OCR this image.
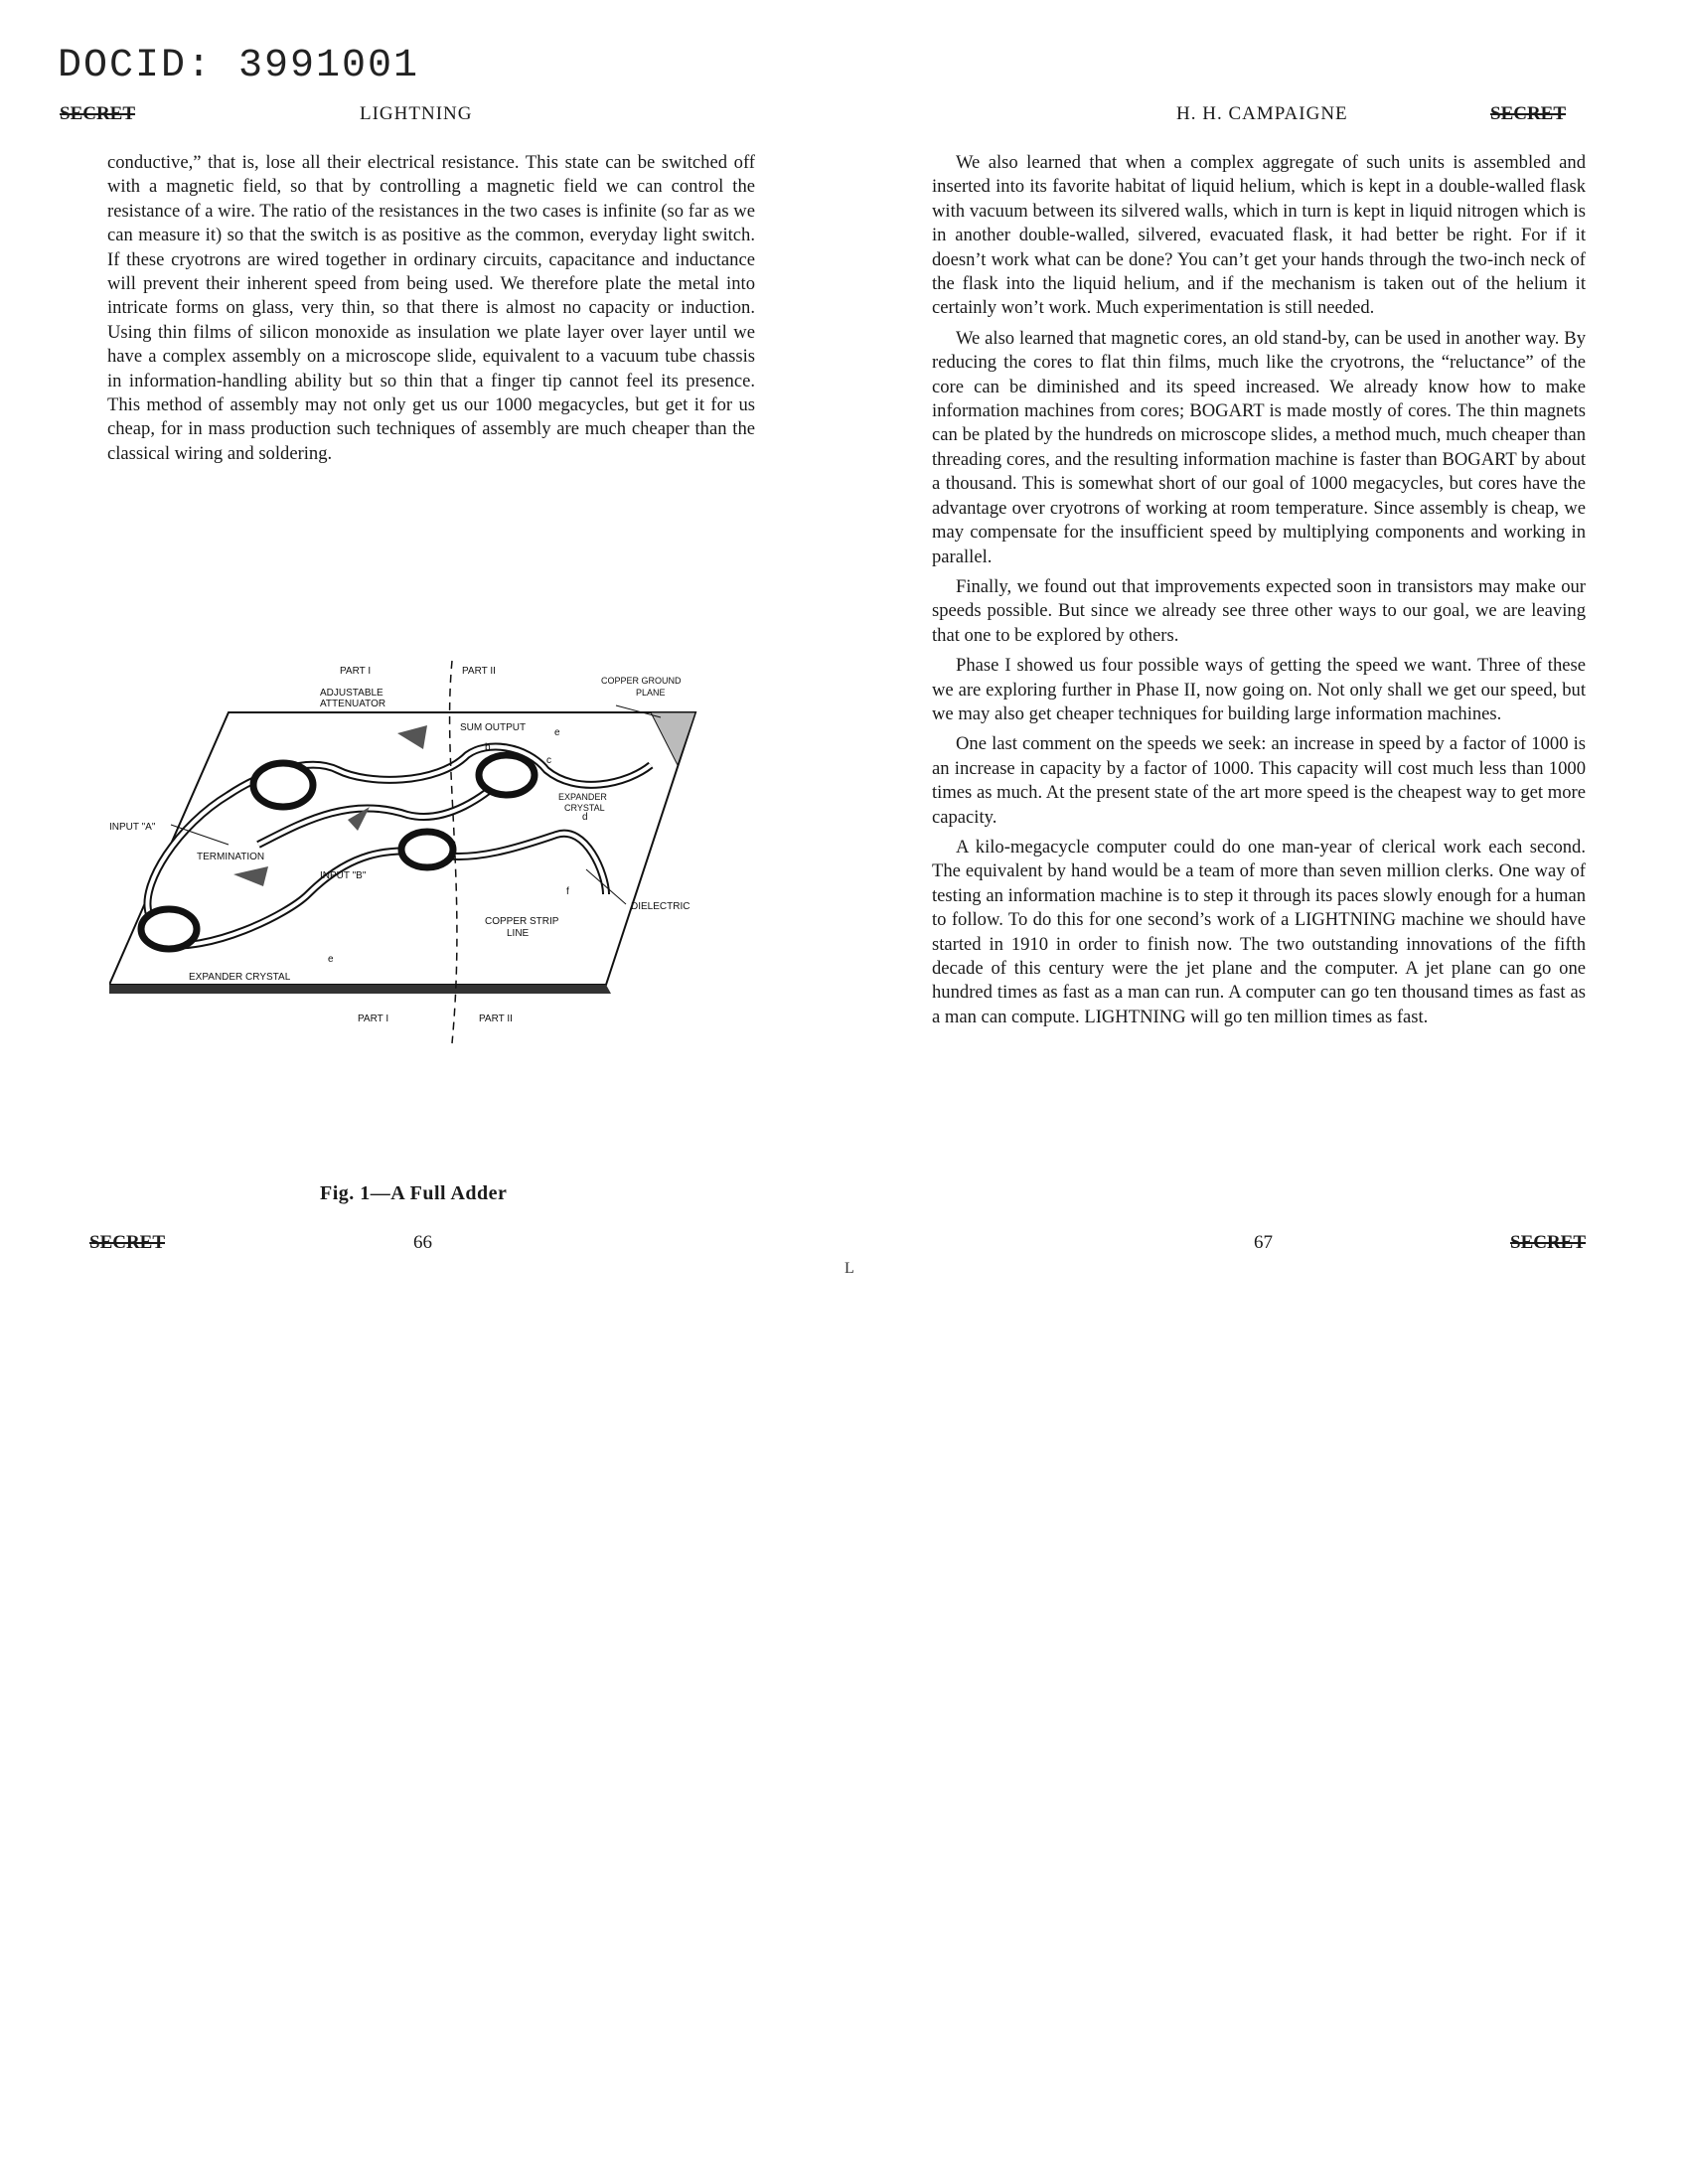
DOCID: 3991001
SECRET	LIGHTNING	H. H. CAMPAIGNE	SECRET

conductive,” that is, lose all their electrical resistance. This state can be switched off with a magnetic field, so that by controlling a magnetic field we can control the resistance of a wire. The ratio of the resistances in the two cases is infinite (so far as we can measure it) so that the switch is as positive as the common, everyday light switch. If these cryotrons are wired together in ordinary circuits, capacitance and inductance will prevent their inherent speed from being used. We therefore plate the metal into intricate forms on glass, very thin, so that there is almost no capacity or induction. Using thin films of silicon monoxide as insulation we plate layer over layer until we have a complex assembly on a microscope slide, equivalent to a vacuum tube chassis in information-handling ability but so thin that a finger tip cannot feel its presence. This method of assembly may not only get us our 1000 megacycles, but get it for us cheap, for in mass production such techniques of assembly are much cheaper than the classical wiring and soldering.

PART I	PART II
ADJUSTABLE
ATTENUATOR
SUM OUTPUT
COPPER GROUND
PLANE
EXPANDER
CRYSTAL
INPUT "A"
TERMINATION
INPUT "B"
DIELECTRIC
COPPER STRIP
LINE
EXPANDER CRYSTAL
PART I	PART II
b
c
d
e
f
e
Fig. 1—A Full Adder

We also learned that when a complex aggregate of such units is assembled and inserted into its favorite habitat of liquid helium, which is kept in a double-walled flask with vacuum between its silvered walls, which in turn is kept in liquid nitrogen which is in another double-walled, silvered, evacuated flask, it had better be right. For if it doesn’t work what can be done? You can’t get your hands through the two-inch neck of the flask into the liquid helium, and if the mechanism is taken out of the helium it certainly won’t work. Much experimentation is still needed.

We also learned that magnetic cores, an old stand-by, can be used in another way. By reducing the cores to flat thin films, much like the cryotrons, the “reluctance” of the core can be diminished and its speed increased. We already know how to make information machines from cores; BOGART is made mostly of cores. The thin magnets can be plated by the hundreds on microscope slides, a method much, much cheaper than threading cores, and the resulting information machine is faster than BOGART by about a thousand. This is somewhat short of our goal of 1000 megacycles, but cores have the advantage over cryotrons of working at room temperature. Since assembly is cheap, we may compensate for the insufficient speed by multiplying components and working in parallel.

Finally, we found out that improvements expected soon in transistors may make our speeds possible. But since we already see three other ways to our goal, we are leaving that one to be explored by others.

Phase I showed us four possible ways of getting the speed we want. Three of these we are exploring further in Phase II, now going on. Not only shall we get our speed, but we may also get cheaper techniques for building large information machines.

One last comment on the speeds we seek: an increase in speed by a factor of 1000 is an increase in capacity by a factor of 1000. This capacity will cost much less than 1000 times as much. At the present state of the art more speed is the cheapest way to get more capacity.

A kilo-megacycle computer could do one man-year of clerical work each second. The equivalent by hand would be a team of more than seven million clerks. One way of testing an information machine is to step it through its paces slowly enough for a human to follow. To do this for one second’s work of a LIGHTNING machine we should have started in 1910 in order to finish now. The two outstanding innovations of the fifth decade of this century were the jet plane and the computer. A jet plane can go one hundred times as fast as a man can run. A computer can go ten thousand times as fast as a man can compute. LIGHTNING will go ten million times as fast.

SECRET	66
L
67	SECRET
